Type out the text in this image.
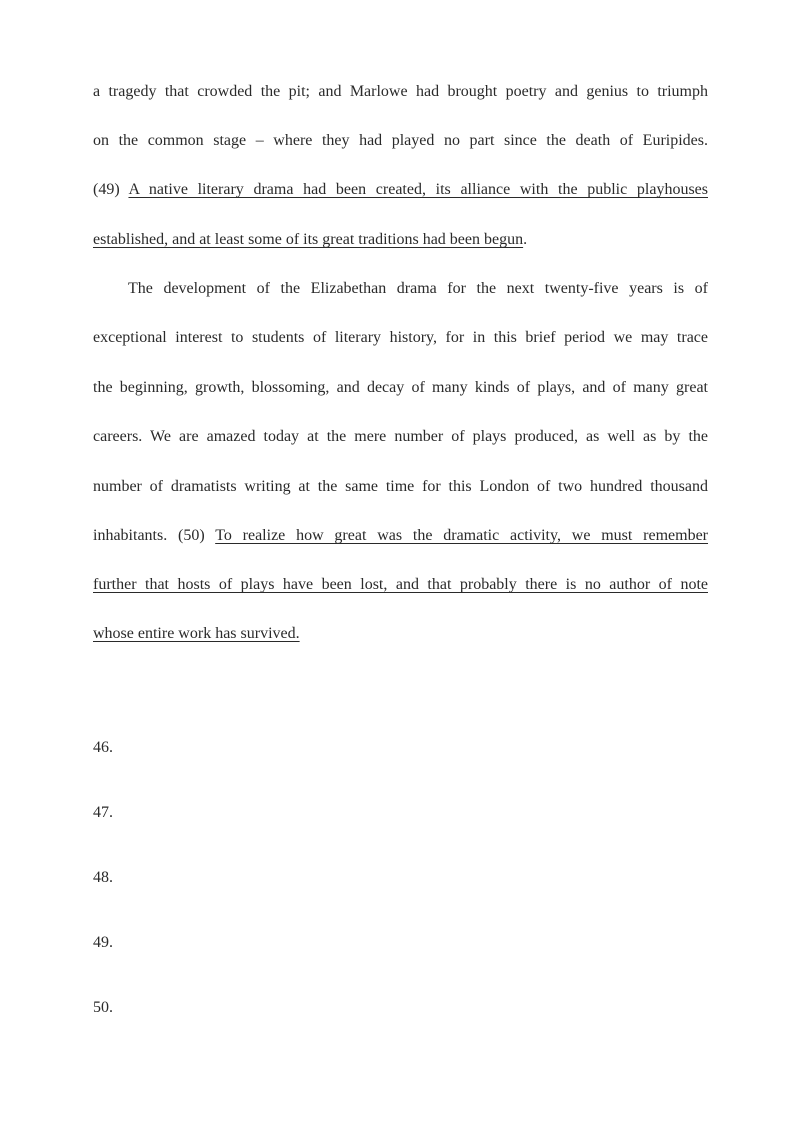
a tragedy that crowded the pit; and Marlowe had brought poetry and genius to triumph
on the common stage – where they had played no part since the death of Euripides.
(49) A native literary drama had been created, its alliance with the public playhouses
established, and at least some of its great traditions had been begun.
The development of the Elizabethan drama for the next twenty-five years is of
exceptional interest to students of literary history, for in this brief period we may trace
the beginning, growth, blossoming, and decay of many kinds of plays, and of many great
careers. We are amazed today at the mere number of plays produced, as well as by the
number of dramatists writing at the same time for this London of two hundred thousand
inhabitants. (50) To realize how great was the dramatic activity, we must remember
further that hosts of plays have been lost, and that probably there is no author of note
whose entire work has survived.
46.
47.
48.
49.
50.
